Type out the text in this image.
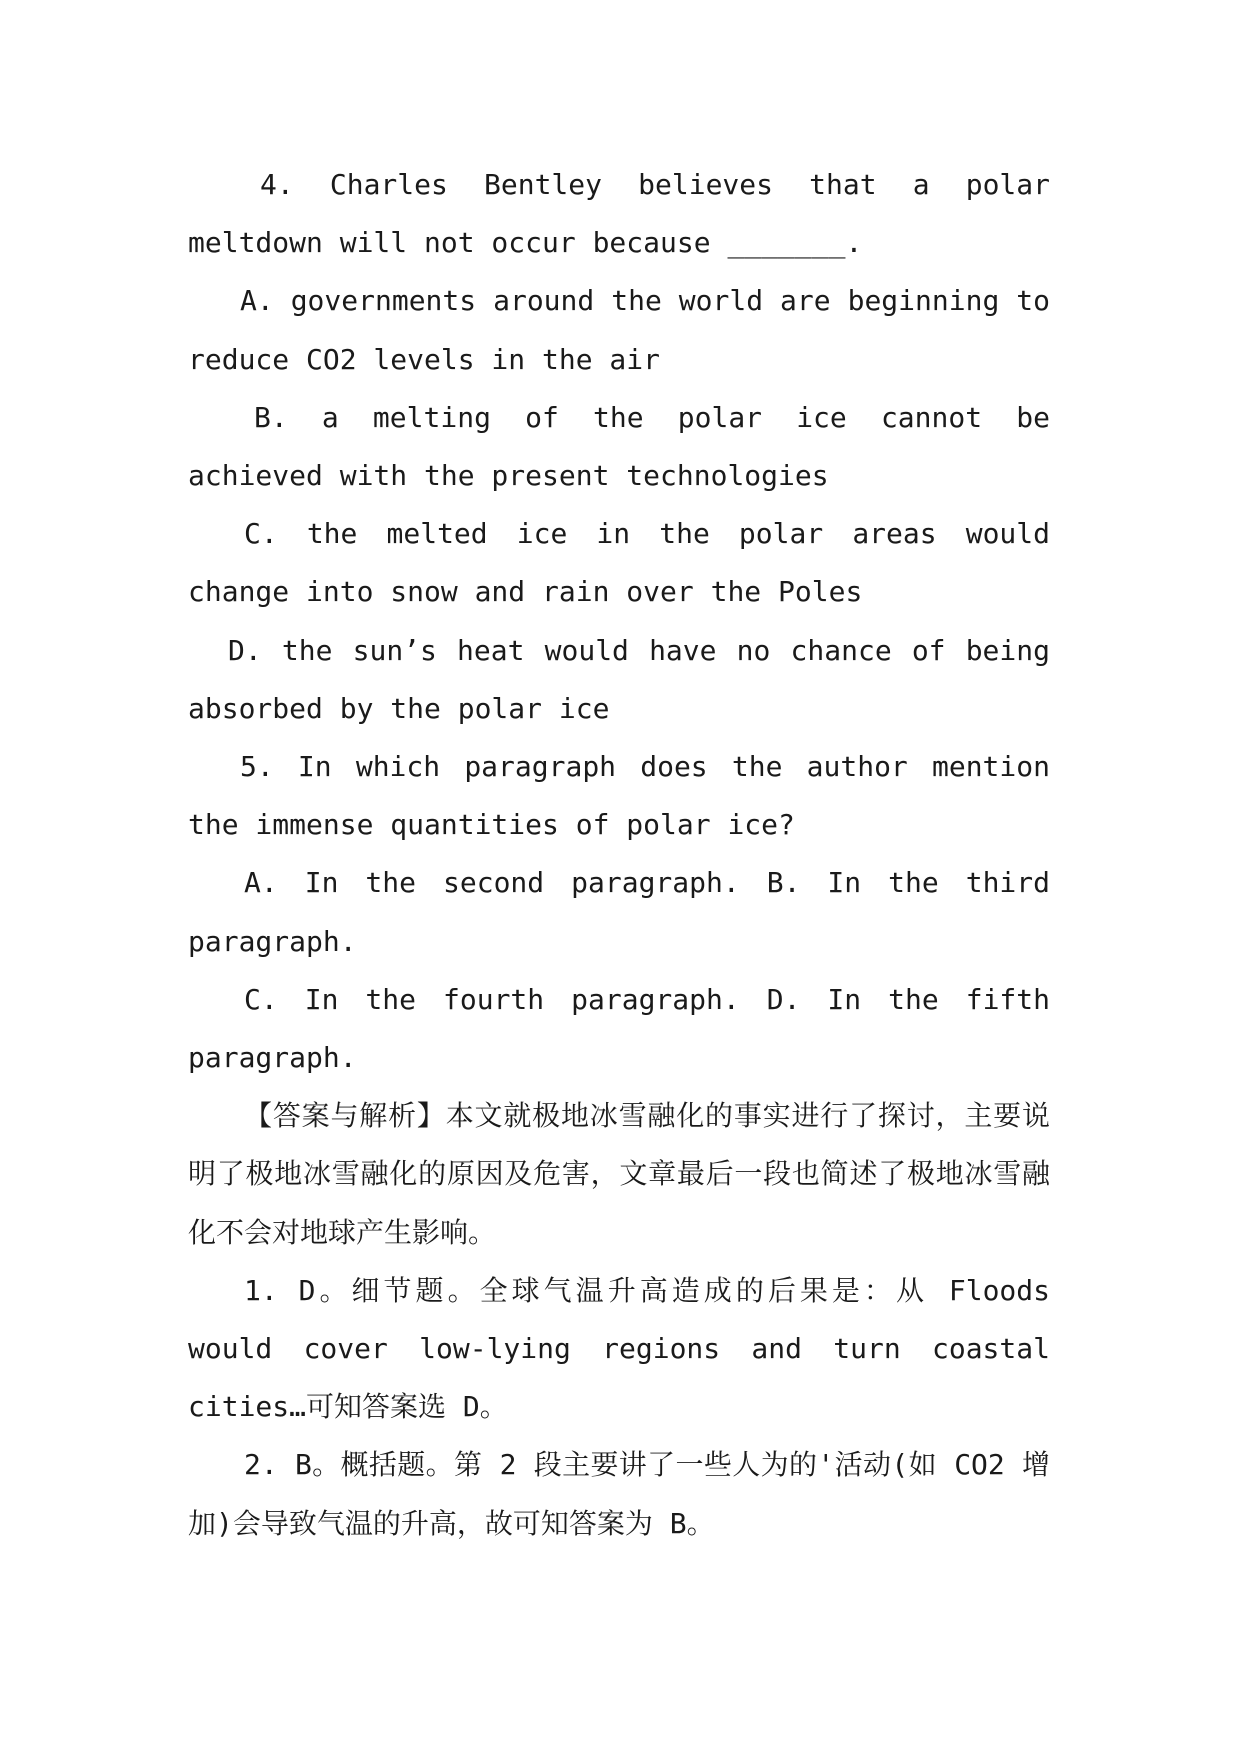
4. Charles Bentley believes that a polar meltdown will not occur because _______.

A. governments around the world are beginning to reduce CO2 levels in the air

B. a melting of the polar ice cannot be achieved with the present technologies

C. the melted ice in the polar areas would change into snow and rain over the Poles

D. the sun’s heat would have no chance of being absorbed by the polar ice

5. In which paragraph does the author mention the immense quantities of polar ice?

A. In the second paragraph. B. In the third paragraph.

C. In the fourth paragraph. D. In the fifth paragraph.

【答案与解析】本文就极地冰雪融化的事实进行了探讨，主要说明了极地冰雪融化的原因及危害，文章最后一段也简述了极地冰雪融化不会对地球产生影响。

1. D。细节题。全球气温升高造成的后果是：从 Floods would cover low-lying regions and turn coastal cities…可知答案选 D。

2. B。概括题。第 2 段主要讲了一些人为的'活动(如 CO2 增加)会导致气温的升高，故可知答案为 B。
